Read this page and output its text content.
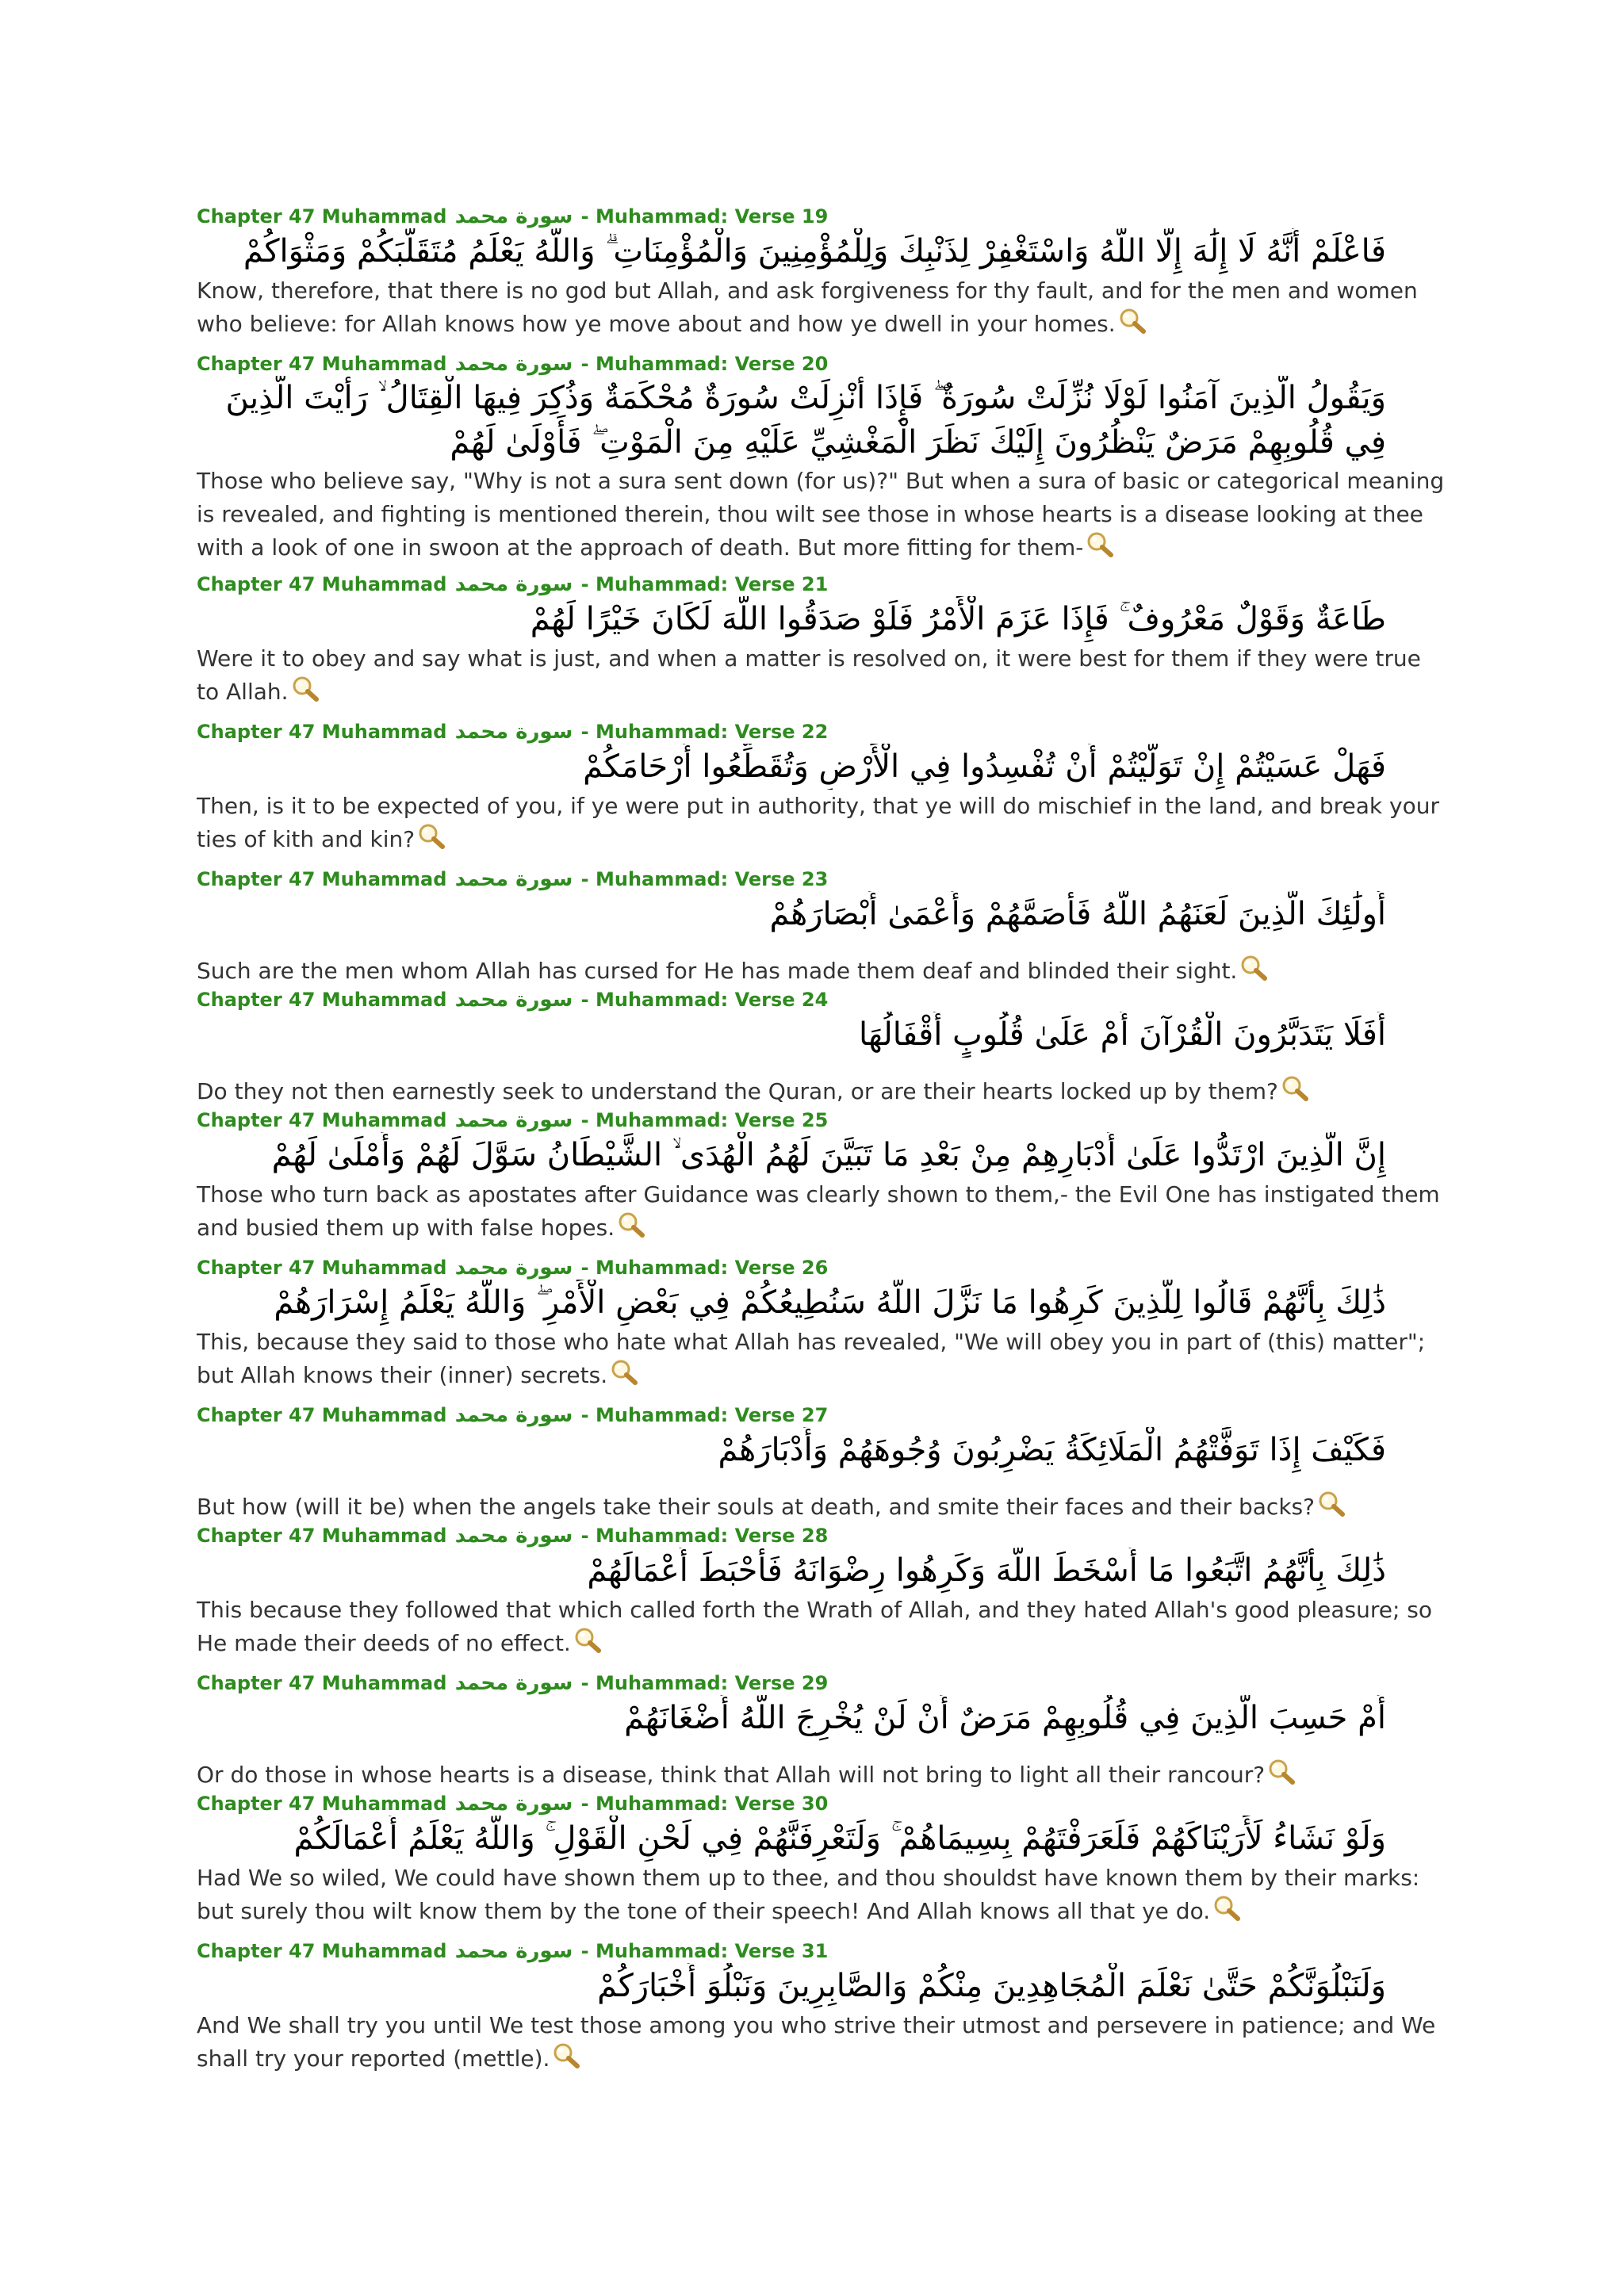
Chapter 47 Muhammad سورة محمد - Muhammad: Verse 19
فَاعْلَمْ أَنَّهُ لَا إِلَٰهَ إِلَّا اللَّهُ وَاسْتَغْفِرْ لِذَنْبِكَ وَلِلْمُؤْمِنِينَ وَالْمُؤْمِنَاتِ ۗ وَاللَّهُ يَعْلَمُ مُتَقَلَّبَكُمْ وَمَثْوَاكُمْ
Know, therefore, that there is no god but Allah, and ask forgiveness for thy fault, and for the men and women who believe: for Allah knows how ye move about and how ye dwell in your homes.
Chapter 47 Muhammad سورة محمد - Muhammad: Verse 20
وَيَقُولُ الَّذِينَ آمَنُوا لَوْلَا نُزِّلَتْ سُورَةٌ ۖ فَإِذَا أُنْزِلَتْ سُورَةٌ مُحْكَمَةٌ وَذُكِرَ فِيهَا الْقِتَالُ ۙ رَأَيْتَ الَّذِينَ فِي قُلُوبِهِمْ مَرَضٌ يَنْظُرُونَ إِلَيْكَ نَظَرَ الْمَغْشِيِّ عَلَيْهِ مِنَ الْمَوْتِ ۖ فَأَوْلَىٰ لَهُمْ
Those who believe say, "Why is not a sura sent down (for us)?" But when a sura of basic or categorical meaning is revealed, and fighting is mentioned therein, thou wilt see those in whose hearts is a disease looking at thee with a look of one in swoon at the approach of death. But more fitting for them-
Chapter 47 Muhammad سورة محمد - Muhammad: Verse 21
طَاعَةٌ وَقَوْلٌ مَعْرُوفٌ ۚ فَإِذَا عَزَمَ الْأَمْرُ فَلَوْ صَدَقُوا اللَّهَ لَكَانَ خَيْرًا لَهُمْ
Were it to obey and say what is just, and when a matter is resolved on, it were best for them if they were true to Allah.
Chapter 47 Muhammad سورة محمد - Muhammad: Verse 22
فَهَلْ عَسَيْتُمْ إِنْ تَوَلَّيْتُمْ أَنْ تُفْسِدُوا فِي الْأَرْضِ وَتُقَطِّعُوا أَرْحَامَكُمْ
Then, is it to be expected of you, if ye were put in authority, that ye will do mischief in the land, and break your ties of kith and kin?
Chapter 47 Muhammad سورة محمد - Muhammad: Verse 23
أُولَٰئِكَ الَّذِينَ لَعَنَهُمُ اللَّهُ فَأَصَمَّهُمْ وَأَعْمَىٰ أَبْصَارَهُمْ
Such are the men whom Allah has cursed for He has made them deaf and blinded their sight.
Chapter 47 Muhammad سورة محمد - Muhammad: Verse 24
أَفَلَا يَتَدَبَّرُونَ الْقُرْآنَ أَمْ عَلَىٰ قُلُوبٍ أَقْفَالُهَا
Do they not then earnestly seek to understand the Quran, or are their hearts locked up by them?
Chapter 47 Muhammad سورة محمد - Muhammad: Verse 25
إِنَّ الَّذِينَ ارْتَدُّوا عَلَىٰ أَدْبَارِهِمْ مِنْ بَعْدِ مَا تَبَيَّنَ لَهُمُ الْهُدَى ۙ الشَّيْطَانُ سَوَّلَ لَهُمْ وَأَمْلَىٰ لَهُمْ
Those who turn back as apostates after Guidance was clearly shown to them,- the Evil One has instigated them and busied them up with false hopes.
Chapter 47 Muhammad سورة محمد - Muhammad: Verse 26
ذَٰلِكَ بِأَنَّهُمْ قَالُوا لِلَّذِينَ كَرِهُوا مَا نَزَّلَ اللَّهُ سَنُطِيعُكُمْ فِي بَعْضِ الْأَمْرِ ۖ وَاللَّهُ يَعْلَمُ إِسْرَارَهُمْ
This, because they said to those who hate what Allah has revealed, "We will obey you in part of (this) matter"; but Allah knows their (inner) secrets.
Chapter 47 Muhammad سورة محمد - Muhammad: Verse 27
فَكَيْفَ إِذَا تَوَفَّتْهُمُ الْمَلَائِكَةُ يَضْرِبُونَ وُجُوهَهُمْ وَأَدْبَارَهُمْ
But how (will it be) when the angels take their souls at death, and smite their faces and their backs?
Chapter 47 Muhammad سورة محمد - Muhammad: Verse 28
ذَٰلِكَ بِأَنَّهُمُ اتَّبَعُوا مَا أَسْخَطَ اللَّهَ وَكَرِهُوا رِضْوَانَهُ فَأَحْبَطَ أَعْمَالَهُمْ
This because they followed that which called forth the Wrath of Allah, and they hated Allah's good pleasure; so He made their deeds of no effect.
Chapter 47 Muhammad سورة محمد - Muhammad: Verse 29
أَمْ حَسِبَ الَّذِينَ فِي قُلُوبِهِمْ مَرَضٌ أَنْ لَنْ يُخْرِجَ اللَّهُ أَضْغَانَهُمْ
Or do those in whose hearts is a disease, think that Allah will not bring to light all their rancour?
Chapter 47 Muhammad سورة محمد - Muhammad: Verse 30
وَلَوْ نَشَاءُ لَأَرَيْنَاكَهُمْ فَلَعَرَفْتَهُمْ بِسِيمَاهُمْ ۚ وَلَتَعْرِفَنَّهُمْ فِي لَحْنِ الْقَوْلِ ۚ وَاللَّهُ يَعْلَمُ أَعْمَالَكُمْ
Had We so wiled, We could have shown them up to thee, and thou shouldst have known them by their marks: but surely thou wilt know them by the tone of their speech! And Allah knows all that ye do.
Chapter 47 Muhammad سورة محمد - Muhammad: Verse 31
وَلَنَبْلُوَنَّكُمْ حَتَّىٰ نَعْلَمَ الْمُجَاهِدِينَ مِنْكُمْ وَالصَّابِرِينَ وَنَبْلُوَ أَخْبَارَكُمْ
And We shall try you until We test those among you who strive their utmost and persevere in patience; and We shall try your reported (mettle).
